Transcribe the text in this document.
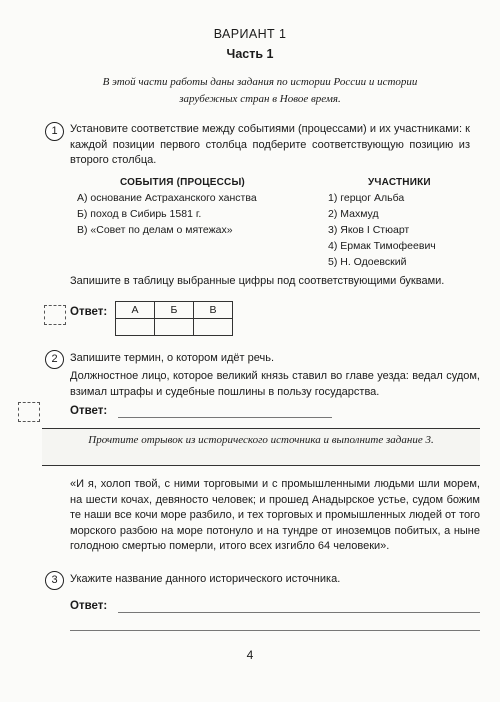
ВАРИАНТ 1
Часть 1
В этой части работы даны задания по истории России и истории зарубежных стран в Новое время.
1	Установите соответствие между событиями (процессами) и их участниками: к каждой позиции первого столбца подберите соответствующую позицию из второго столбца.
СОБЫТИЯ (ПРОЦЕССЫ)	УЧАСТНИКИ
А) основание Астраханского ханства
Б) поход в Сибирь 1581 г.
В) «Совет по делам о мятежах»
1) герцог Альба
2) Махмуд
3) Яков I Стюарт
4) Ермак Тимофеевич
5) Н. Одоевский
Запишите в таблицу выбранные цифры под соответствующими буквами.
Ответ: А	Б	В

2	Запишите термин, о котором идёт речь.
Должностное лицо, которое великий князь ставил во главе уезда: ведал судом, взимал штрафы и судебные пошлины в пользу государства.
Ответ:
Прочтите отрывок из исторического источника и выполните задание 3.
«И я, холоп твой, с ними торговыми и с промышленными людьми шли морем, на шести кочах, девяносто человек; и прошед Анадырское устье, судом божим те наши все кочи море разбило, и тех торговых и промышленных людей от того морского разбою на море потонуло и на тундре от иноземцов побитых, а ныне голодною смертью померли, итого всех изгибло 64 человеки».
3	Укажите название данного исторического источника.
Ответ:
4
